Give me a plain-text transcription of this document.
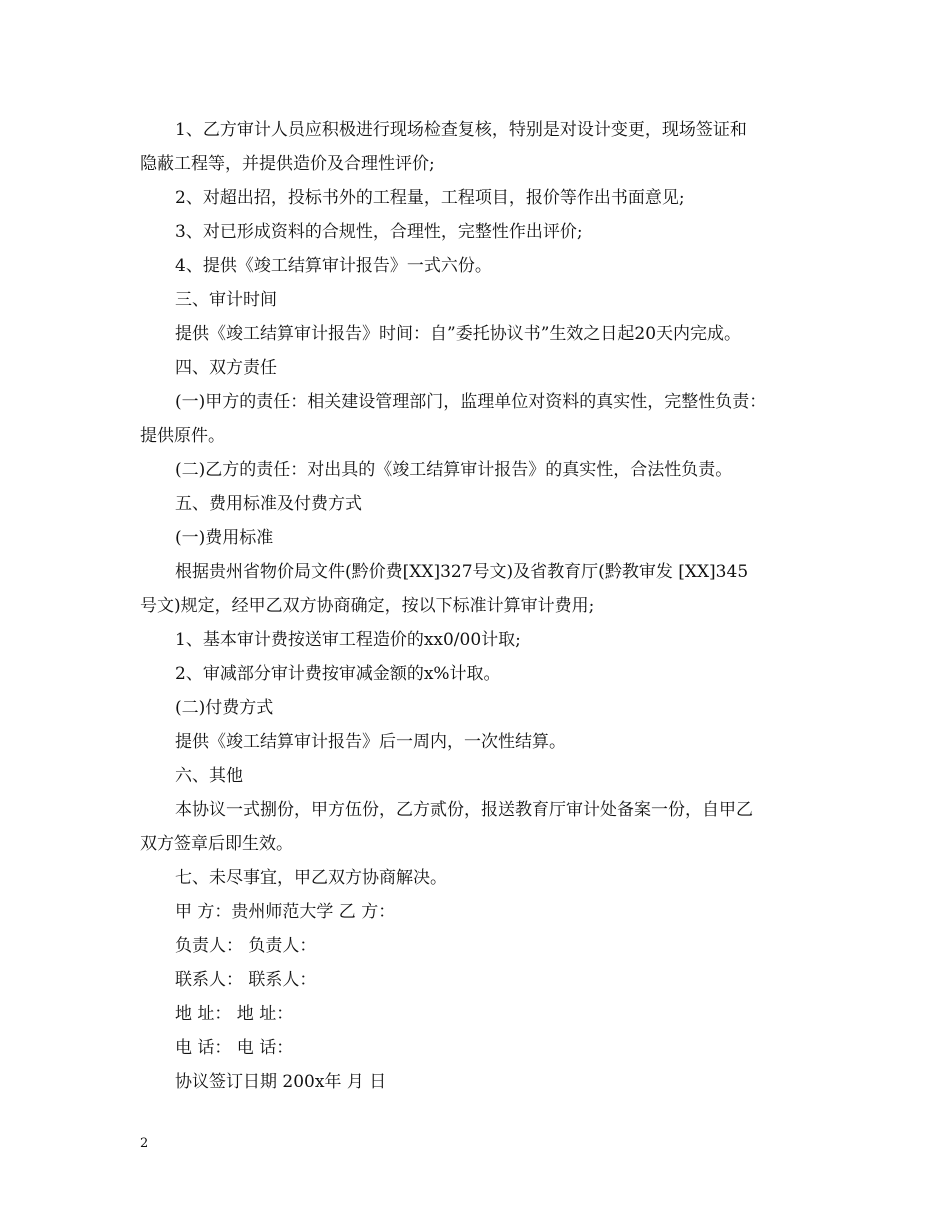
1、乙方审计人员应积极进行现场检查复核，特别是对设计变更，现场签证和
隐蔽工程等，并提供造价及合理性评价;
2、对超出招，投标书外的工程量，工程项目，报价等作出书面意见;
3、对已形成资料的合规性，合理性，完整性作出评价;
4、提供《竣工结算审计报告》一式六份。
三、审计时间
提供《竣工结算审计报告》时间：自”委托协议书”生效之日起20天内完成。
四、双方责任
(一)甲方的责任：相关建设管理部门，监理单位对资料的真实性，完整性负责：
提供原件。
(二)乙方的责任：对出具的《竣工结算审计报告》的真实性，合法性负责。
五、费用标准及付费方式
(一)费用标准
根据贵州省物价局文件(黔价费[XX]327号文)及省教育厅(黔教审发 [XX]345
号文)规定，经甲乙双方协商确定，按以下标准计算审计费用;
1、基本审计费按送审工程造价的xx0/00计取;
2、审减部分审计费按审减金额的x%计取。
(二)付费方式
提供《竣工结算审计报告》后一周内，一次性结算。
六、其他
本协议一式捌份，甲方伍份，乙方贰份，报送教育厅审计处备案一份，自甲乙
双方签章后即生效。
七、未尽事宜，甲乙双方协商解决。
甲 方：贵州师范大学 乙 方：
负责人： 负责人：
联系人： 联系人：
地 址： 地 址：
电 话： 电 话：
协议签订日期 200x年 月 日
2
